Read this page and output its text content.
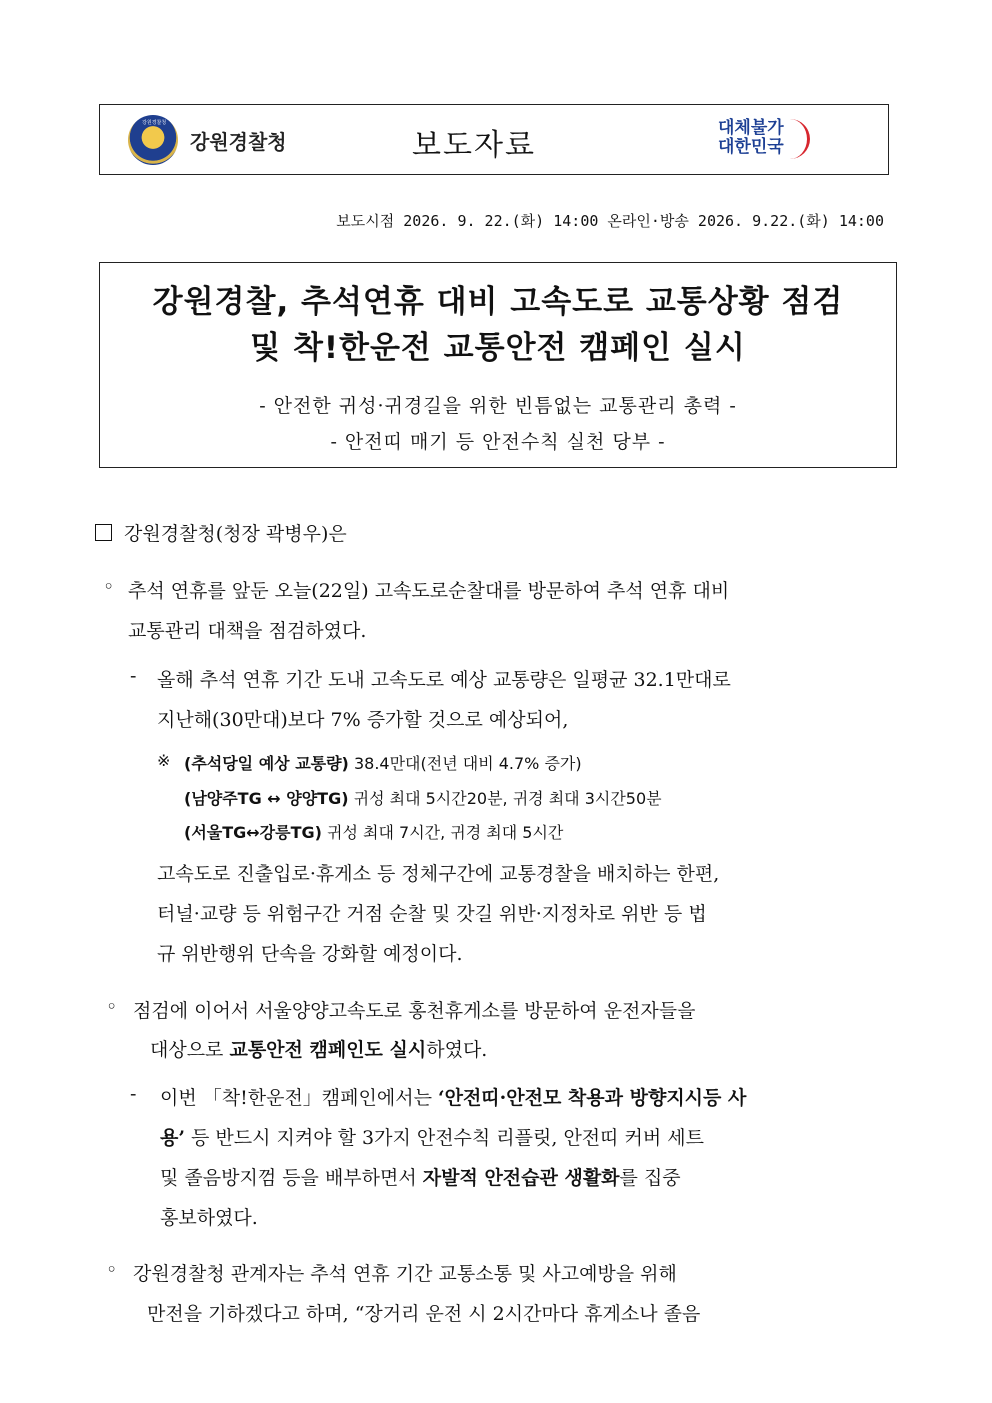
강원경찰청
강원경찰청	보도자료	대체불가
대한민국
보도시점 2026. 9. 22.(화) 14:00 온라인·방송 2026. 9.22.(화) 14:00
강원경찰, 추석연휴 대비 고속도로 교통상황 점검
및 착!한운전 교통안전 캠페인 실시
- 안전한 귀성·귀경길을 위한 빈틈없는 교통관리 총력 -
- 안전띠 매기 등 안전수칙 실천 당부 -
강원경찰청(청장 곽병우)은
◦ 추석 연휴를 앞둔 오늘(22일) 고속도로순찰대를 방문하여 추석 연휴 대비
교통관리 대책을 점검하였다.
- 올해 추석 연휴 기간 도내 고속도로 예상 교통량은 일평균 32.1만대로
지난해(30만대)보다 7% 증가할 것으로 예상되어,
※ (추석당일 예상 교통량) 38.4만대(전년 대비 4.7% 증가)
(남양주TG ↔ 양양TG) 귀성 최대 5시간20분, 귀경 최대 3시간50분
(서울TG↔강릉TG) 귀성 최대 7시간, 귀경 최대 5시간
고속도로 진출입로·휴게소 등 정체구간에 교통경찰을 배치하는 한편,
터널·교량 등 위험구간 거점 순찰 및 갓길 위반·지정차로 위반 등 법
규 위반행위 단속을 강화할 예정이다.
◦ 점검에 이어서 서울양양고속도로 홍천휴게소를 방문하여 운전자들을
대상으로 교통안전 캠페인도 실시하였다.
- 이번 「착!한운전」캠페인에서는 ‘안전띠·안전모 착용과 방향지시등 사
용’ 등 반드시 지켜야 할 3가지 안전수칙 리플릿, 안전띠 커버 세트
및 졸음방지껌 등을 배부하면서 자발적 안전습관 생활화를 집중
홍보하였다.
◦ 강원경찰청 관계자는 추석 연휴 기간 교통소통 및 사고예방을 위해
만전을 기하겠다고 하며, “장거리 운전 시 2시간마다 휴게소나 졸음
